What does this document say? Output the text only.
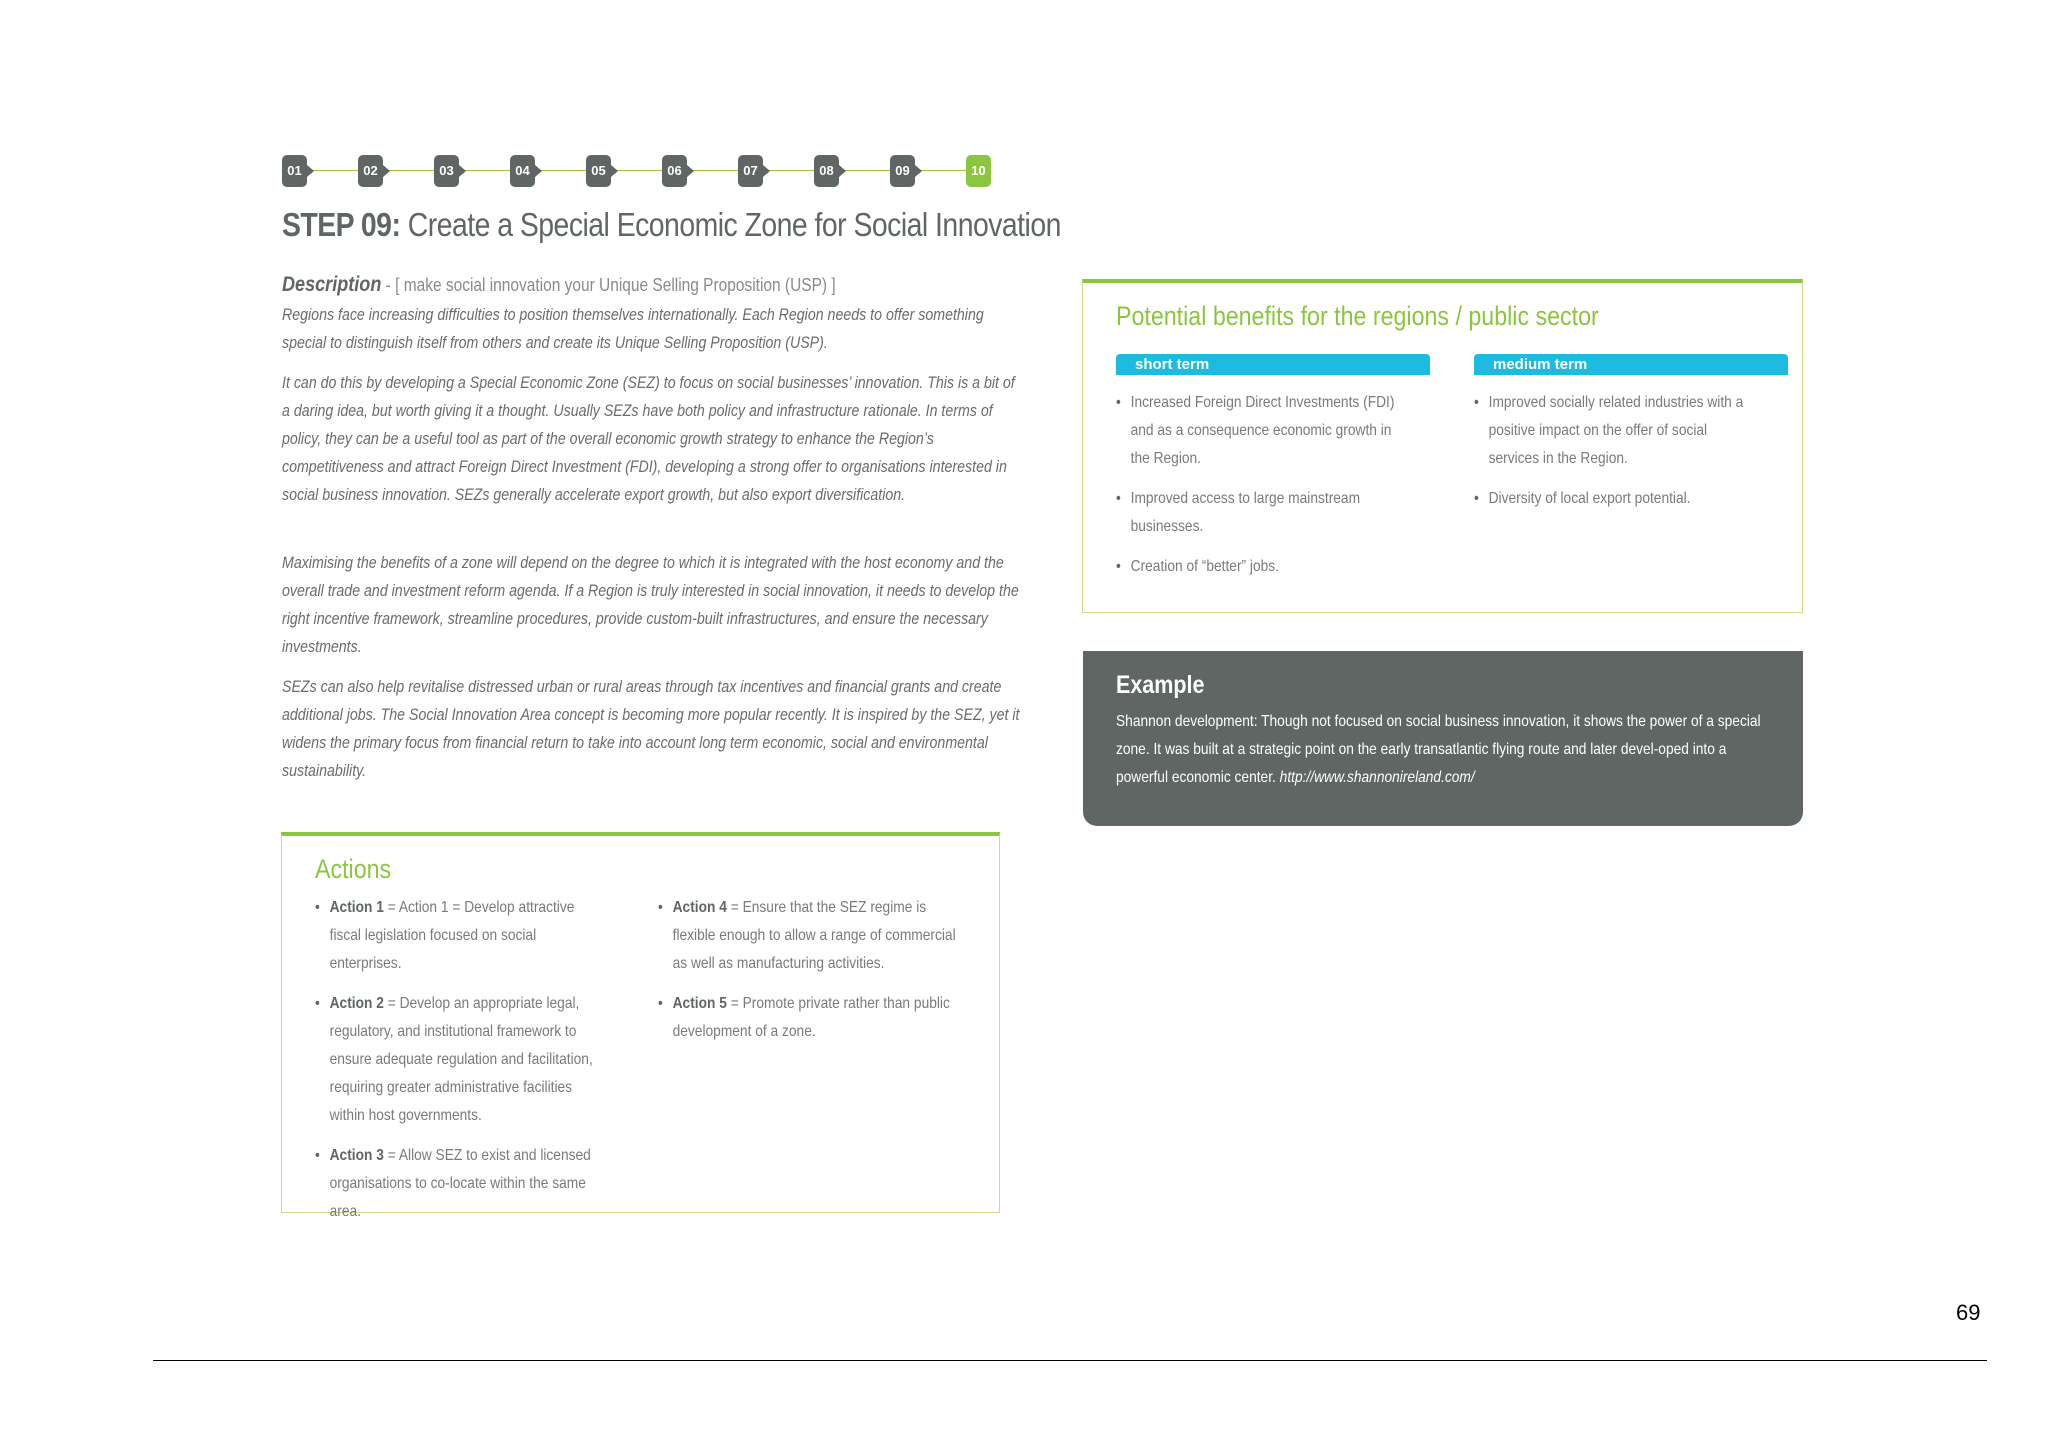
01	02	03	04	05	06	07	08	09	10
STEP 09: Create a Special Economic Zone for Social Innovation
Description - [ make social innovation your Unique Selling Proposition (USP) ]

Regions face increasing difficulties to position themselves internationally. Each Region needs to offer something special to distinguish itself from others and create its Unique Selling Proposition (USP).

It can do this by developing a Special Economic Zone (SEZ) to focus on social businesses’ innovation. This is a bit of a daring idea, but worth giving it a thought. Usually SEZs have both policy and infrastructure rationale. In terms of policy, they can be a useful tool as part of the overall economic growth strategy to enhance the Region’s competitiveness and attract Foreign Direct Investment (FDI), developing a strong offer to organisations interested in social business innovation. SEZs generally accelerate export growth, but also export diversification.

Maximising the benefits of a zone will depend on the degree to which it is integrated with the host economy and the overall trade and investment reform agenda. If a Region is truly interested in social innovation, it needs to develop the right incentive framework, streamline procedures, provide custom-built infrastructures, and ensure the necessary investments.

SEZs can also help revitalise distressed urban or rural areas through tax incentives and financial grants and create additional jobs. The Social Innovation Area concept is becoming more popular recently. It is inspired by the SEZ, yet it widens the primary focus from financial return to take into account long term economic, social and environmental sustainability.

Actions
• Action 1 = Action 1 = Develop attractive fiscal legislation focused on social enterprises.
• Action 2 = Develop an appropriate legal, regulatory, and institutional framework to ensure adequate regulation and facilitation, requiring greater administrative facilities within host governments.
• Action 3 = Allow SEZ to exist and licensed organisations to co-locate within the same area.
• Action 4 = Ensure that the SEZ regime is flexible enough to allow a range of commercial as well as manufacturing activities.
• Action 5 = Promote private rather than public development of a zone.
Potential benefits for the regions / public sector
short term	medium term
• Increased Foreign Direct Investments (FDI) and as a consequence economic growth in the Region.
• Improved access to large mainstream businesses.
• Creation of “better” jobs.
• Improved socially related industries with a positive impact on the offer of social services in the Region.
• Diversity of local export potential.
Example

Shannon development: Though not focused on social business innovation, it shows the power of a special zone. It was built at a strategic point on the early transatlantic flying route and later devel-oped into a powerful economic center. http://www.shannonireland.com/

69
